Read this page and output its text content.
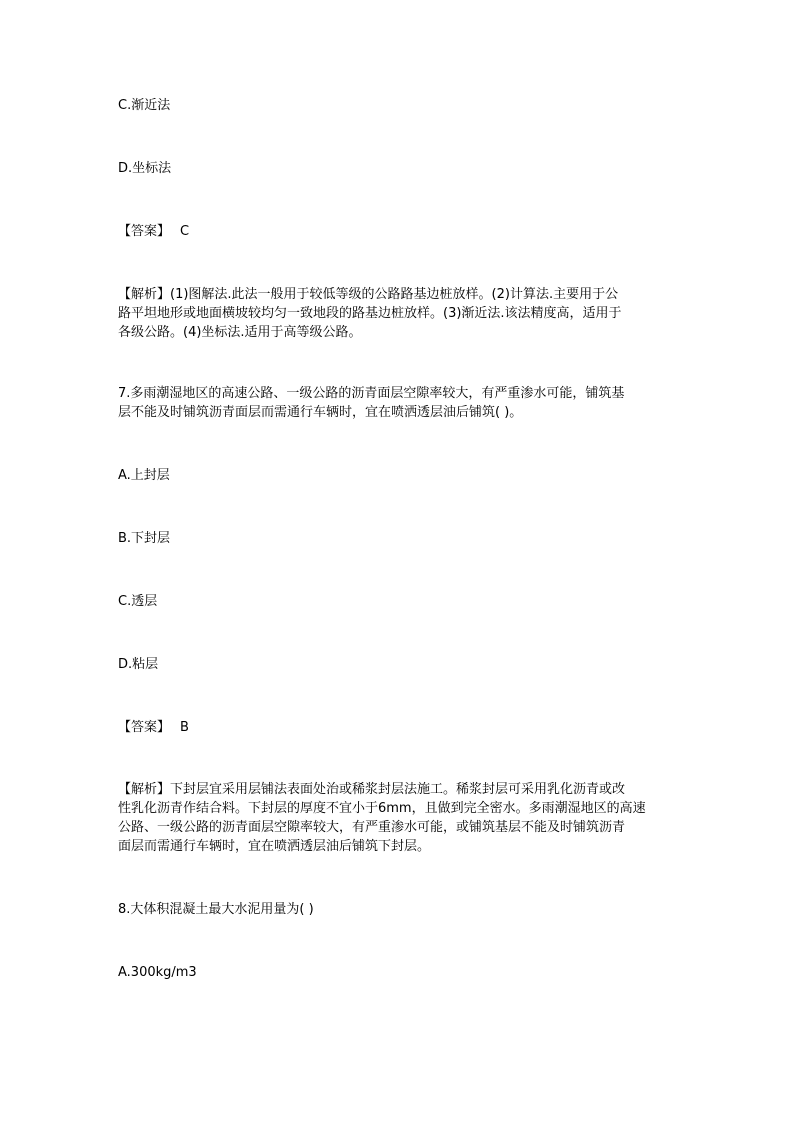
C.渐近法
D.坐标法
【答案】 C

【解析】(1)图解法.此法一般用于较低等级的公路路基边桩放样。(2)计算法.主要用于公

路平坦地形或地面横坡较均匀一致地段的路基边桩放样。(3)渐近法.该法精度高，适用于

各级公路。(4)坐标法.适用于高等级公路。

7.多雨潮湿地区的高速公路、一级公路的沥青面层空隙率较大，有严重渗水可能，铺筑基

层不能及时铺筑沥青面层而需通行车辆时，宜在喷洒透层油后铺筑( )。

A.上封层
B.下封层
C.透层
D.粘层
【答案】 B

【解析】下封层宜采用层铺法表面处治或稀浆封层法施工。稀浆封层可采用乳化沥青或改

性乳化沥青作结合料。下封层的厚度不宜小于6mm，且做到完全密水。多雨潮湿地区的高速

公路、一级公路的沥青面层空隙率较大，有严重渗水可能，或铺筑基层不能及时铺筑沥青

面层而需通行车辆时，宜在喷洒透层油后铺筑下封层。

8.大体积混凝土最大水泥用量为( )
A.300kg/m3
